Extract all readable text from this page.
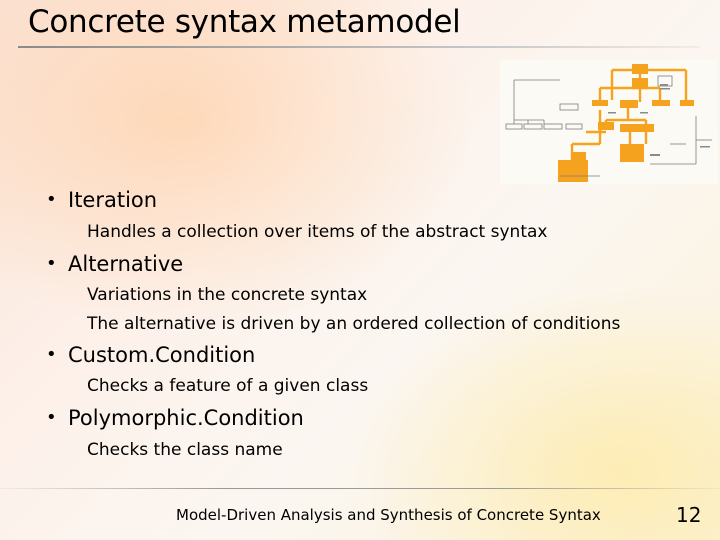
Concrete syntax metamodel
• Iteration
Handles a collection over items of the abstract syntax
• Alternative
Variations in the concrete syntax
The alternative is driven by an ordered collection of conditions
• Custom.Condition
Checks a feature of a given class
• Polymorphic.Condition
Checks the class name
Model-Driven Analysis and Synthesis of Concrete Syntax	12
